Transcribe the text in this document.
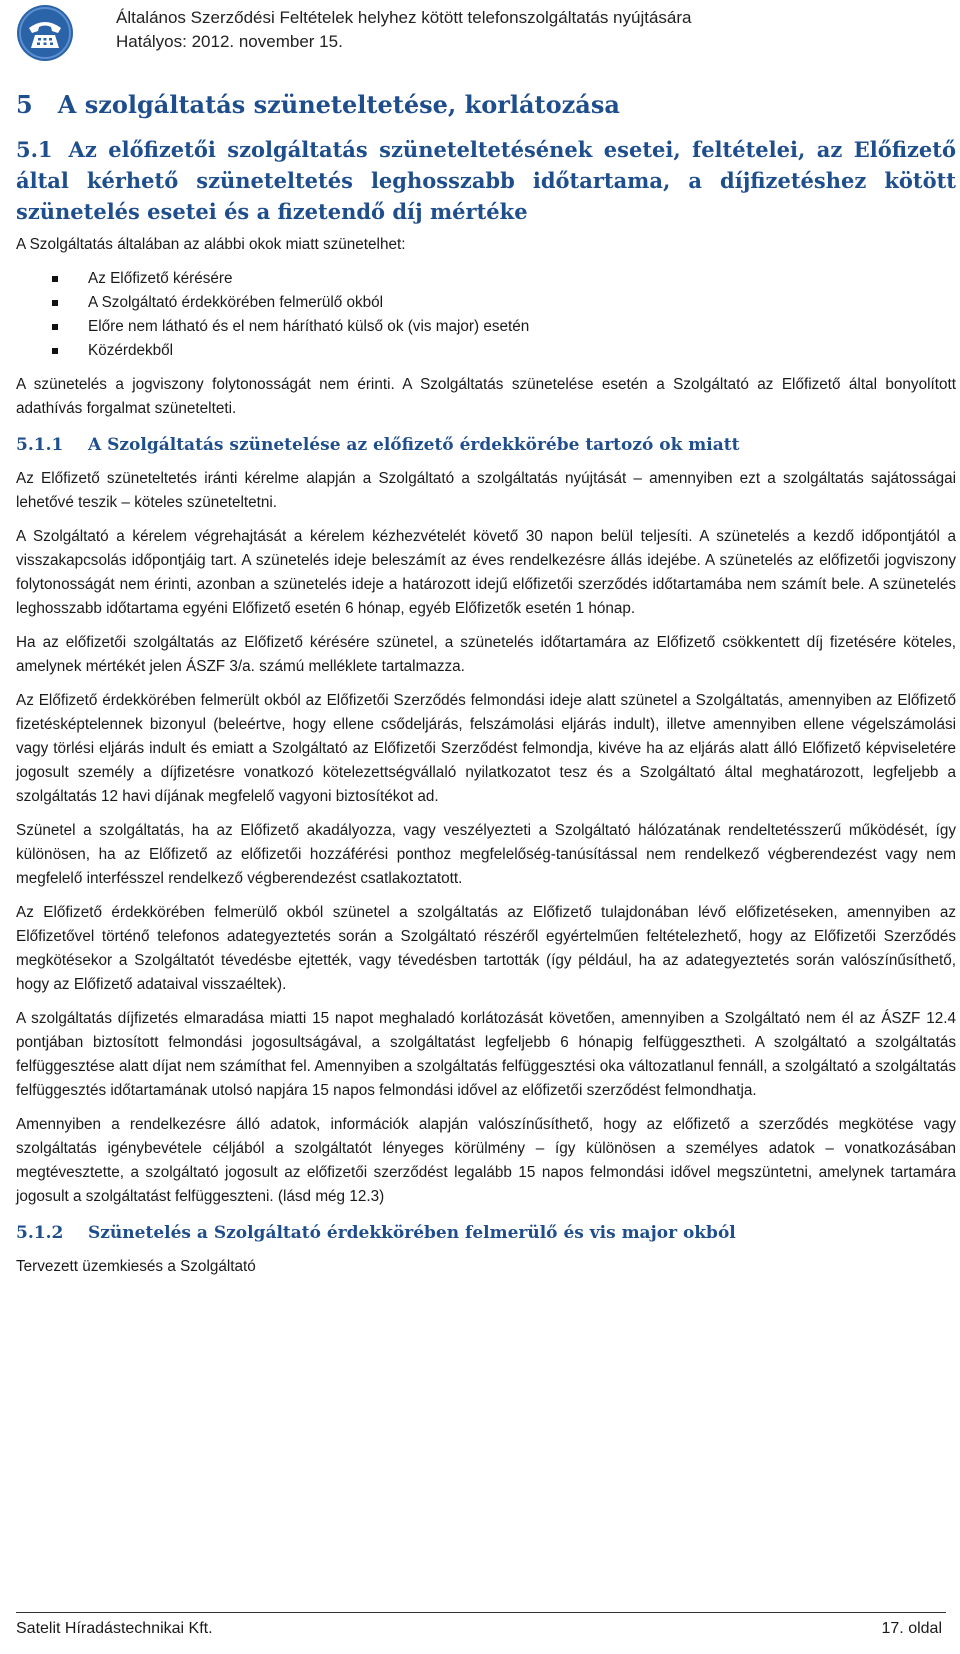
Általános Szerződési Feltételek helyhez kötött telefonszolgáltatás nyújtására
Hatályos: 2012. november 15.
5 A szolgáltatás szüneteltetése, korlátozása
5.1 Az előfizetői szolgáltatás szüneteltetésének esetei, feltételei, az Előfizető által kérhető szüneteltetés leghosszabb időtartama, a díjfizetéshez kötött szünetelés esetei és a fizetendő díj mértéke

A Szolgáltatás általában az alábbi okok miatt szünetelhet:

Az Előfizető kérésére
A Szolgáltató érdekkörében felmerülő okból
Előre nem látható és el nem hárítható külső ok (vis major) esetén
Közérdekből

A szünetelés a jogviszony folytonosságát nem érinti. A Szolgáltatás szünetelése esetén a Szolgáltató az Előfizető által bonyolított adathívás forgalmat szünetelteti.

5.1.1 A Szolgáltatás szünetelése az előfizető érdekkörébe tartozó ok miatt

Az Előfizető szüneteltetés iránti kérelme alapján a Szolgáltató a szolgáltatás nyújtását – amennyiben ezt a szolgáltatás sajátosságai lehetővé teszik – köteles szüneteltetni.

A Szolgáltató a kérelem végrehajtását a kérelem kézhezvételét követő 30 napon belül teljesíti. A szünetelés a kezdő időpontjától a visszakapcsolás időpontjáig tart. A szünetelés ideje beleszámít az éves rendelkezésre állás idejébe. A szünetelés az előfizetői jogviszony folytonosságát nem érinti, azonban a szünetelés ideje a határozott idejű előfizetői szerződés időtartamába nem számít bele. A szünetelés leghosszabb időtartama egyéni Előfizető esetén 6 hónap, egyéb Előfizetők esetén 1 hónap.

Ha az előfizetői szolgáltatás az Előfizető kérésére szünetel, a szünetelés időtartamára az Előfizető csökkentett díj fizetésére köteles, amelynek mértékét jelen ÁSZF 3/a. számú melléklete tartalmazza.

Az Előfizető érdekkörében felmerült okból az Előfizetői Szerződés felmondási ideje alatt szünetel a Szolgáltatás, amennyiben az Előfizető fizetésképtelennek bizonyul (beleértve, hogy ellene csődeljárás, felszámolási eljárás indult), illetve amennyiben ellene végelszámolási vagy törlési eljárás indult és emiatt a Szolgáltató az Előfizetői Szerződést felmondja, kivéve ha az eljárás alatt álló Előfizető képviseletére jogosult személy a díjfizetésre vonatkozó kötelezettségvállaló nyilatkozatot tesz és a Szolgáltató által meghatározott, legfeljebb a szolgáltatás 12 havi díjának megfelelő vagyoni biztosítékot ad.

Szünetel a szolgáltatás, ha az Előfizető akadályozza, vagy veszélyezteti a Szolgáltató hálózatának rendeltetésszerű működését, így különösen, ha az Előfizető az előfizetői hozzáférési ponthoz megfelelőség-tanúsítással nem rendelkező végberendezést vagy nem megfelelő interfésszel rendelkező végberendezést csatlakoztatott.

Az Előfizető érdekkörében felmerülő okból szünetel a szolgáltatás az Előfizető tulajdonában lévő előfizetéseken, amennyiben az Előfizetővel történő telefonos adategyeztetés során a Szolgáltató részéről egyértelműen feltételezhető, hogy az Előfizetői Szerződés megkötésekor a Szolgáltatót tévedésbe ejtették, vagy tévedésben tartották (így például, ha az adategyeztetés során valószínűsíthető, hogy az Előfizető adataival visszaéltek).

A szolgáltatás díjfizetés elmaradása miatti 15 napot meghaladó korlátozását követően, amennyiben a Szolgáltató nem él az ÁSZF 12.4 pontjában biztosított felmondási jogosultságával, a szolgáltatást legfeljebb 6 hónapig felfüggesztheti. A szolgáltató a szolgáltatás felfüggesztése alatt díjat nem számíthat fel. Amennyiben a szolgáltatás felfüggesztési oka változatlanul fennáll, a szolgáltató a szolgáltatás felfüggesztés időtartamának utolsó napjára 15 napos felmondási idővel az előfizetői szerződést felmondhatja.

Amennyiben a rendelkezésre álló adatok, információk alapján valószínűsíthető, hogy az előfizető a szerződés megkötése vagy szolgáltatás igénybevétele céljából a szolgáltatót lényeges körülmény – így különösen a személyes adatok – vonatkozásában megtévesztette, a szolgáltató jogosult az előfizetői szerződést legalább 15 napos felmondási idővel megszüntetni, amelynek tartamára jogosult a szolgáltatást felfüggeszteni. (lásd még 12.3)

5.1.2 Szünetelés a Szolgáltató érdekkörében felmerülő és vis major okból

Tervezett üzemkiesés a Szolgáltató

Satelit Híradástechnikai Kft.	17. oldal
